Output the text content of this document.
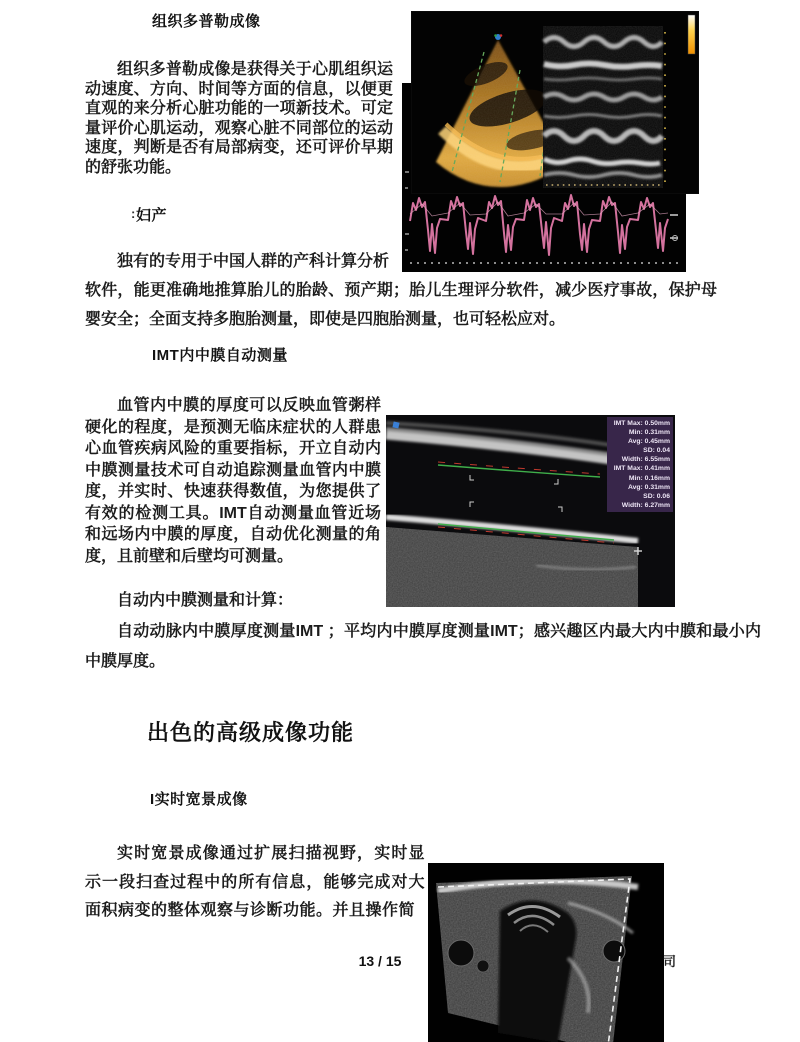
组织多普勒成像
: 妇产
IMT内中膜自动测量
出色的高级成像功能
I实时宽景成像
组织多普勒成像是获得关于心肌组织运动速度、方向、时间等方面的信息，以便更直观的来分析心脏功能的一项新技术。可定量评价心肌运动，观察心脏不同部位的运动速度，判断是否有局部病变，还可评价早期的舒张功能。
独有的专用于中国人群的产科计算分析
软件，能更准确地推算胎儿的胎龄、预产期；胎儿生理评分软件，减少医疗事故，保护母婴安全；全面支持多胞胎测量，即使是四胞胎测量，也可轻松应对。
血管内中膜的厚度可以反映血管粥样硬化的程度，是预测无临床症状的人群患心血管疾病风险的重要指标，开立自动内中膜测量技术可自动追踪测量血管内中膜度，并实时、快速获得数值，为您提供了有效的检测工具。IMT自动测量血管近场和远场内中膜的厚度，自动优化测量的角度，且前壁和后壁均可测量。
自动内中膜测量和计算：
自动动脉内中膜厚度测量IMT ；平均内中膜厚度测量IMT；感兴趣区内最大内中膜和最小内中膜厚度。
实时宽景成像通过扩展扫描视野，实时显示一段扫查过程中的所有信息，能够完成对大面积病变的整体观察与诊断功能。并且操作简
IMT Max: 0.50mm
Min: 0.31mm
Avg: 0.45mm
SD: 0.04
Width: 6.55mm
IMT Max: 0.41mm
Min: 0.16mm
Avg: 0.31mm
SD: 0.06
Width: 6.27mm
13 / 15	司
